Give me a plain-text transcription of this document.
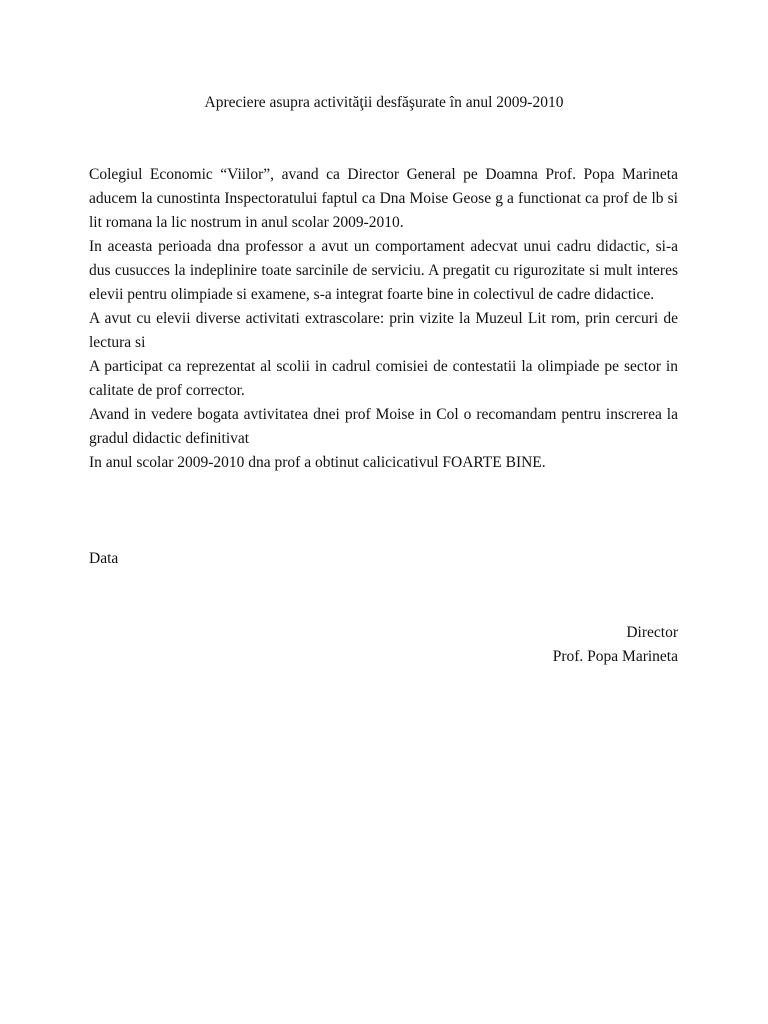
Apreciere asupra activităţii desfăşurate în anul 2009-2010

Colegiul Economic “Viilor”, avand ca Director General pe Doamna Prof. Popa Marineta aducem la cunostinta Inspectoratului faptul ca Dna Moise Geose g a functionat ca prof de lb si lit romana la lic nostrum in anul scolar 2009-2010.

In aceasta perioada dna professor a avut un comportament adecvat unui cadru didactic, si-a dus cusucces la indeplinire toate sarcinile de serviciu. A pregatit cu rigurozitate si mult interes elevii pentru olimpiade si examene, s-a integrat foarte bine in colectivul de cadre didactice.

A avut cu elevii diverse activitati extrascolare: prin vizite la Muzeul Lit rom, prin cercuri de lectura si

A participat ca reprezentat al scolii in cadrul comisiei de contestatii la olimpiade pe sector in calitate de prof corrector.

Avand in vedere bogata avtivitatea dnei prof Moise in Col o recomandam pentru inscrerea la gradul didactic definitivat

In anul scolar 2009-2010 dna prof a obtinut calicicativul FOARTE BINE.

Data
Director
Prof. Popa Marineta
